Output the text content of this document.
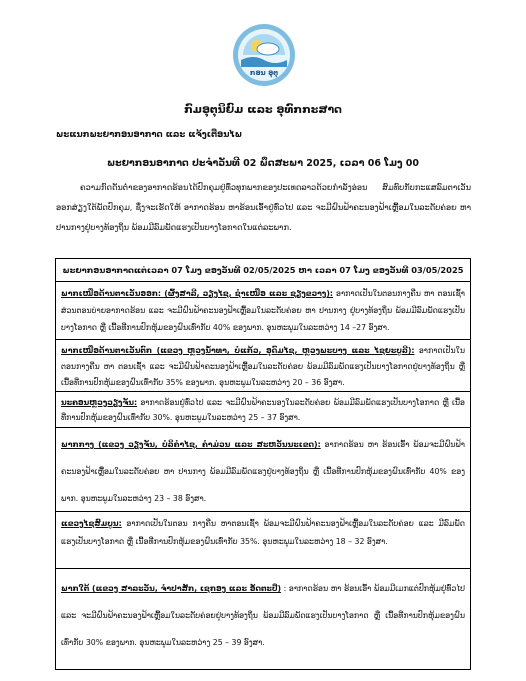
ກອນ ອຸຕຸ
ກົມອຸຕຸນິຍົມ ແລະ ອຸທົກກະສາດ
ພະແນກພະຍາກອນອາກາດ ແລະ ແຈ້ງເຕືອນໄພ
ພະຍາກອນອາກາດ ປະຈຳວັນທີ 02 ພຶດສະພາ 2025, ເວລາ 06 ໂມງ 00
ຄວາມກົດດັນຕ່ຳຂອງອາກາດຮ້ອນໄດ້ປົກຄຸມຢູ່ທົ່ວທຸກພາກຂອງປະເທດລາວດ້ວຍກຳລັງອ່ອນ ສົມທົບກັບກະແສລົມຕາເວັນອອກສ່ຽງໃຕ້ພັດປົກຄຸມ, ຊຶ່ງຈະເຮັດໃຫ້ ອາກາດຮ້ອນ ຫາຮ້ອນເອົ້າຢູ່ທົ່ວໄປ ແລະ ຈະມີຝົນຟ້າຄະນອງຟ້າເຫຼື້ອມໃນລະດັບຄ່ອຍ ຫາ ປານກາງຢູ່ບາງທ້ອງຖິ່ນ ພ້ອມມີລົມພັດແຮງເປັນບາງໂອກາດໃນແຕ່ລະພາກ.
ພະຍາກອນອາກາດແຕ່ເວລາ 07 ໂມງ ຂອງວັນທີ 02/05/2025 ຫາ ເວລາ 07 ໂມງ ຂອງວັນທີ 03/05/2025
ພາກເໜືອດ້ານຕາເວັນອອກ: (ຜົ້ງສາລີ, ວຽງໄຊ, ຊຳເໜືອ ແລະ ຊຽງຂວາງ): ອາກາດເປັນໃນຕອນກາງຄືນ ຫາ ຕອນເຊົ້າ ສ່ວນຕອນບ່າຍອາກາດຮ້ອນ ແລະ ຈະມີຝົນຟ້າຄະນອງຟ້າເຫຼື້ອມໃນລະດັບຄ່ອຍ ຫາ ປານກາງ ຢູ່ບາງທ້ອງຖິ່ນ ພ້ອມມີລົມພັດແຮງເປັນບາງໂອກາດ ຫຼື ເນື້ອທີ່ການປົກຫຸ້ມຂອງຝົນເທົ່າກັບ 40% ຂອງພາກ. ອຸນຫະພູມໃນລະຫວ່າງ 14 –27 ອົງສາ.
ພາກເໜືອດ້ານຕາເວັນຕົກ (ແຂວງ ຫຼວງນ້ຳທາ, ບໍ່ແກ້ວ, ອຸດົມໄຊ, ຫຼວງພະບາງ ແລະ ໄຊຍະບູລີ): ອາກາດເປັນໃນຕອນກາງຄືນ ຫາ ຕອນເຊົ້າ ແລະ ຈະມີຝົນຟ້າຄະນອງຟ້າເຫຼື້ອມໃນລະດັບຄ່ອຍ ພ້ອມມີລົມພັດແຮງເປັນບາງໂອກາດຢູ່ບາງທ້ອງຖິ່ນ ຫຼື ເນື້ອທີ່ການປົກຫຸ້ມຂອງຝົນເທົ່າກັບ 35% ຂອງພາກ. ອຸນຫະພູມໃນລະຫວ່າງ 20 – 36 ອົງສາ.
ນະຄອນຫຼວງວຽງຈັນ: ອາກາດຮ້ອນຢູ່ທົ່ວໄປ ແລະ ຈະມີຝົນຟ້າຄະນອງໃນລະດັບຄ່ອຍ ພ້ອມມີລົມພັດແຮງເປັນບາງໂອກາດ ຫຼື ເນື້ອທີ່ການປົກຫຸ້ມຂອງຝົນເທົ່າກັບ 30%. ອຸນຫະພູມໃນລະຫວ່າງ 25 – 37 ອົງສາ.
ພາກກາງ (ແຂວງ ວຽງຈັນ, ບໍລິຄຳໄຊ, ຄຳມ່ວນ ແລະ ສະຫວັນນະເຂດ): ອາກາດຮ້ອນ ຫາ ຮ້ອນເອົ້າ ພ້ອມຈະມີຝົນຟ້າຄະນອງຟ້າເຫຼື້ອມໃນລະດັບຄ່ອຍ ຫາ ປານກາງ ພ້ອມມີລົມພັດແຮງຢູ່ບາງທ້ອງຖິ່ນ ຫຼື ເນື້ອທີ່ການປົກຫຸ້ມຂອງຝົນເທົ່າກັບ 40% ຂອງພາກ. ອຸນຫະພູມໃນລະຫວ່າງ 23 – 38 ອົງສາ.
ແຂວງໄຊສົມບູນ: ອາກາດເປັນໃນຕອນ ກາງຄືນ ຫາຕອນເຊົ້າ ພ້ອມຈະມີຝົນຟ້າຄະນອງຟ້າເຫຼື້ອມໃນລະດັບຄ່ອຍ ແລະ ມີລົມພັດແຮງເປັນບາງໂອກາດ ຫຼື ເນື້ອທີ່ການປົກຫຸ້ມຂອງຝົນເທົ່າກັບ 35%. ອຸນຫະພູມໃນລະຫວ່າງ 18 – 32 ອົງສາ.
ພາກໃຕ້ (ແຂວງ ສາລະວັນ, ຈຳປາສັກ, ເຊກອງ ແລະ ອັດຕະປື) : ອາກາດຮ້ອນ ຫາ ຮ້ອນເອົ້າ ພ້ອມມີເມກແຕ່ປົກຫຸ້ມຢູ່ທົ່ວໄປ ແລະ ຈະມີຝົນຟ້າຄະນອງຟ້າເຫຼື້ອມໃນລະດັບຄ່ອຍຢູ່ບາງທ້ອງຖິ່ນ ພ້ອມມີລົມພັດແຮງເປັນບາງໂອກາດ ຫຼື ເນື້ອທີ່ການປົກຫຸ້ມຂອງຝົນເທົ່າກັບ 30% ຂອງພາກ. ອຸນຫະພູມໃນລະຫວ່າງ 25 – 39 ອົງສາ.
